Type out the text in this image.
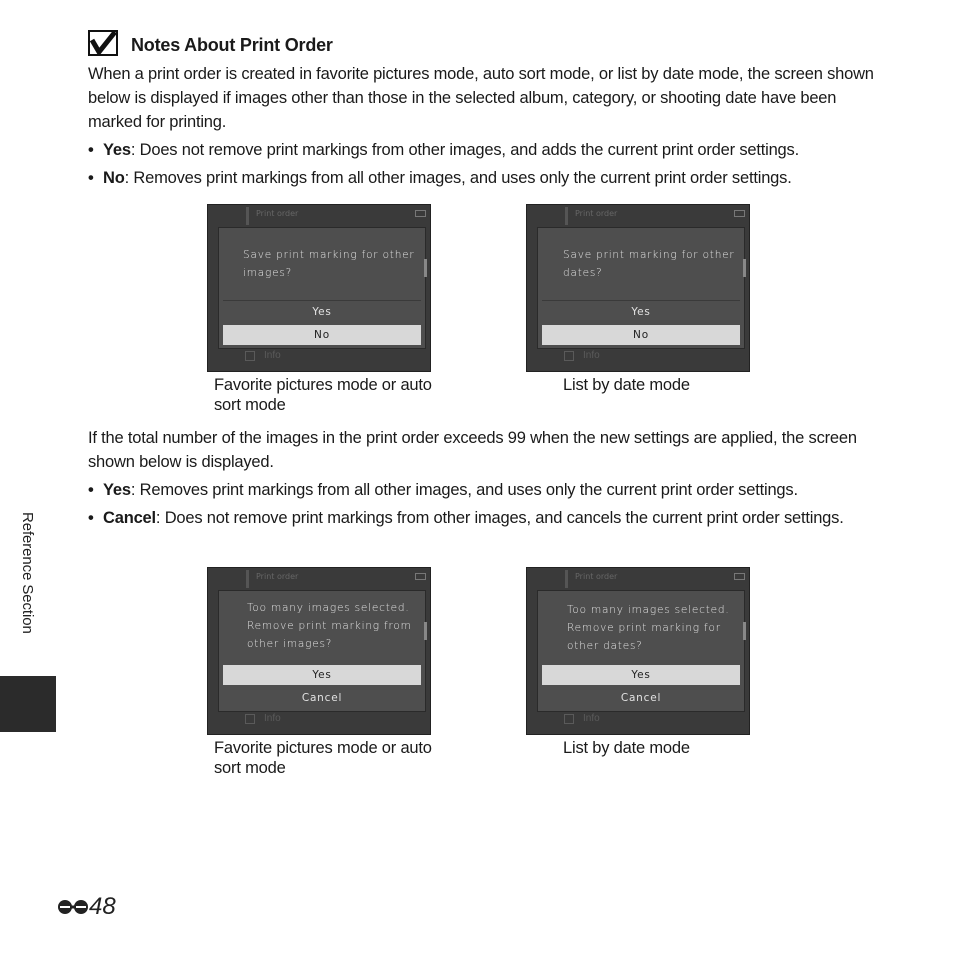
Notes About Print Order
When a print order is created in favorite pictures mode, auto sort mode, or list by date mode, the screen shown below is displayed if images other than those in the selected album, category, or shooting date have been marked for printing.
• Yes: Does not remove print markings from other images, and adds the current print order settings.
• No: Removes print markings from all other images, and uses only the current print order settings.
Print order
Info
Save print marking for other images?
Yes
No
Favorite pictures mode or auto sort mode
Print order
Info
Save print marking for other dates?
Yes
No
List by date mode
If the total number of the images in the print order exceeds 99 when the new settings are applied, the screen shown below is displayed.
• Yes: Removes print markings from all other images, and uses only the current print order settings.
• Cancel: Does not remove print markings from other images, and cancels the current print order settings.
Print order
Info
Too many images selected. Remove print marking from other images?
Yes
Cancel
Favorite pictures mode or auto sort mode
Print order
Info
Too many images selected. Remove print marking for other dates?
Yes
Cancel
List by date mode
Reference Section
48
